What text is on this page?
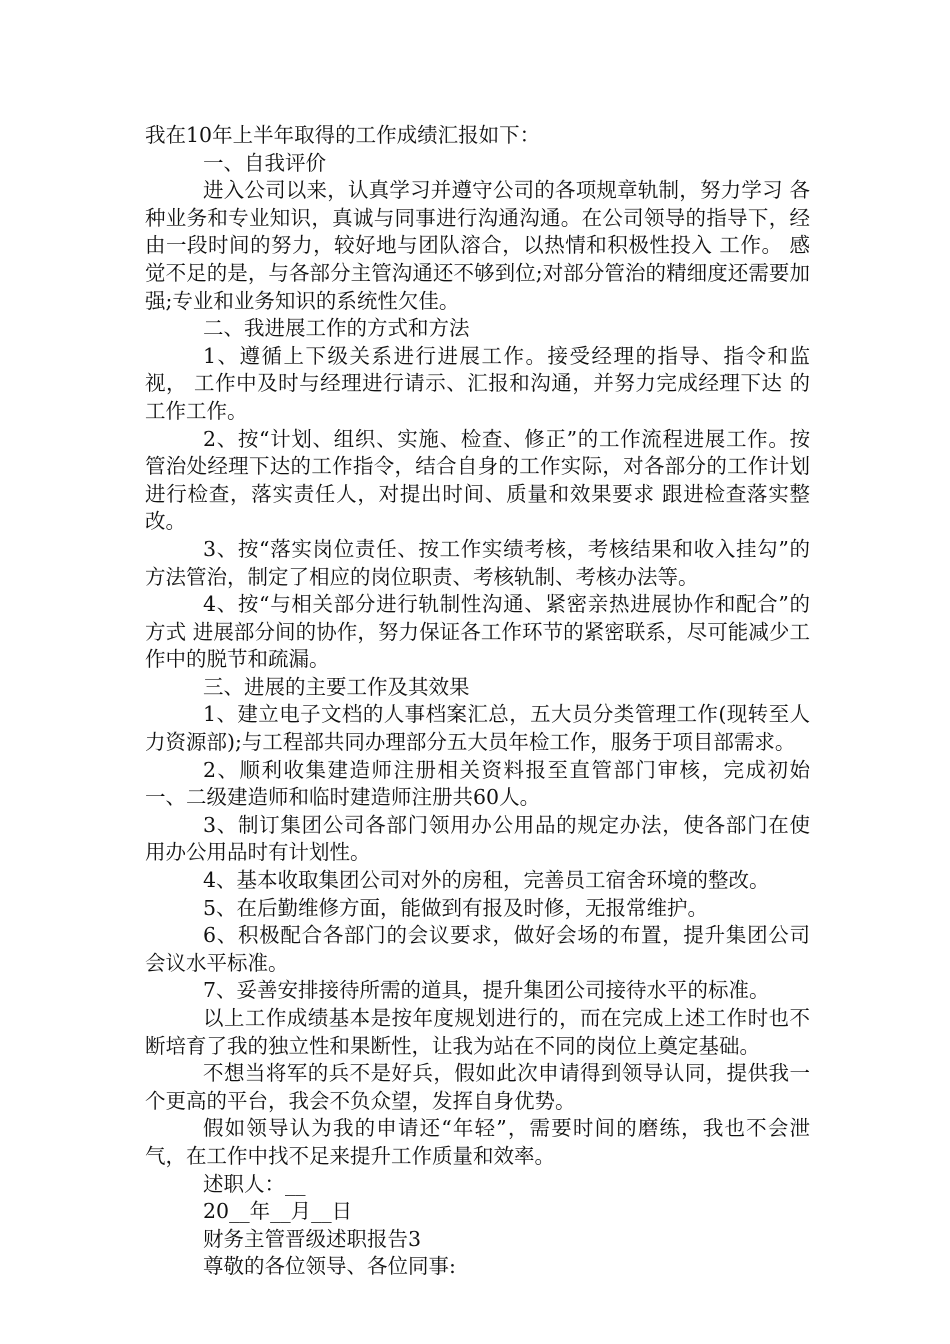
我在10年上半年取得的工作成绩汇报如下：

一、自我评价

进入公司以来，认真学习并遵守公司的各项规章轨制，努力学习 各种业务和专业知识，真诚与同事进行沟通沟通。在公司领导的指导下，经由一段时间的努力，较好地与团队溶合，以热情和积极性投入 工作。 感觉不足的是，与各部分主管沟通还不够到位;对部分管治的精细度还需要加强;专业和业务知识的系统性欠佳。

二、我进展工作的方式和方法

1、遵循上下级关系进行进展工作。接受经理的指导、指令和监视， 工作中及时与经理进行请示、汇报和沟通，并努力完成经理下达 的工作工作。

2、按“计划、组织、实施、检查、修正”的工作流程进展工作。按 管治处经理下达的工作指令，结合自身的工作实际，对各部分的工作计划进行检查，落实责任人，对提出时间、质量和效果要求 跟进检查落实整改。

3、按“落实岗位责任、按工作实绩考核，考核结果和收入挂勾”的 方法管治，制定了相应的岗位职责、考核轨制、考核办法等。

4、按“与相关部分进行轨制性沟通、紧密亲热进展协作和配合”的方式 进展部分间的协作，努力保证各工作环节的紧密联系，尽可能减少工作中的脱节和疏漏。

三、进展的主要工作及其效果

1、建立电子文档的人事档案汇总，五大员分类管理工作(现转至人力资源部);与工程部共同办理部分五大员年检工作，服务于项目部需求。

2、顺利收集建造师注册相关资料报至直管部门审核，完成初始一、二级建造师和临时建造师注册共60人。

3、制订集团公司各部门领用办公用品的规定办法，使各部门在使用办公用品时有计划性。

4、基本收取集团公司对外的房租，完善员工宿舍环境的整改。

5、在后勤维修方面，能做到有报及时修，无报常维护。

6、积极配合各部门的会议要求，做好会场的布置，提升集团公司会议水平标准。

7、妥善安排接待所需的道具，提升集团公司接待水平的标准。

以上工作成绩基本是按年度规划进行的，而在完成上述工作时也不断培育了我的独立性和果断性，让我为站在不同的岗位上奠定基础。

不想当将军的兵不是好兵，假如此次申请得到领导认同，提供我一个更高的平台，我会不负众望，发挥自身优势。

假如领导认为我的申请还“年轻”，需要时间的磨练，我也不会泄气，在工作中找不足来提升工作质量和效率。

述职人：__

20__年__月__日

财务主管晋级述职报告3

尊敬的各位领导、各位同事:
